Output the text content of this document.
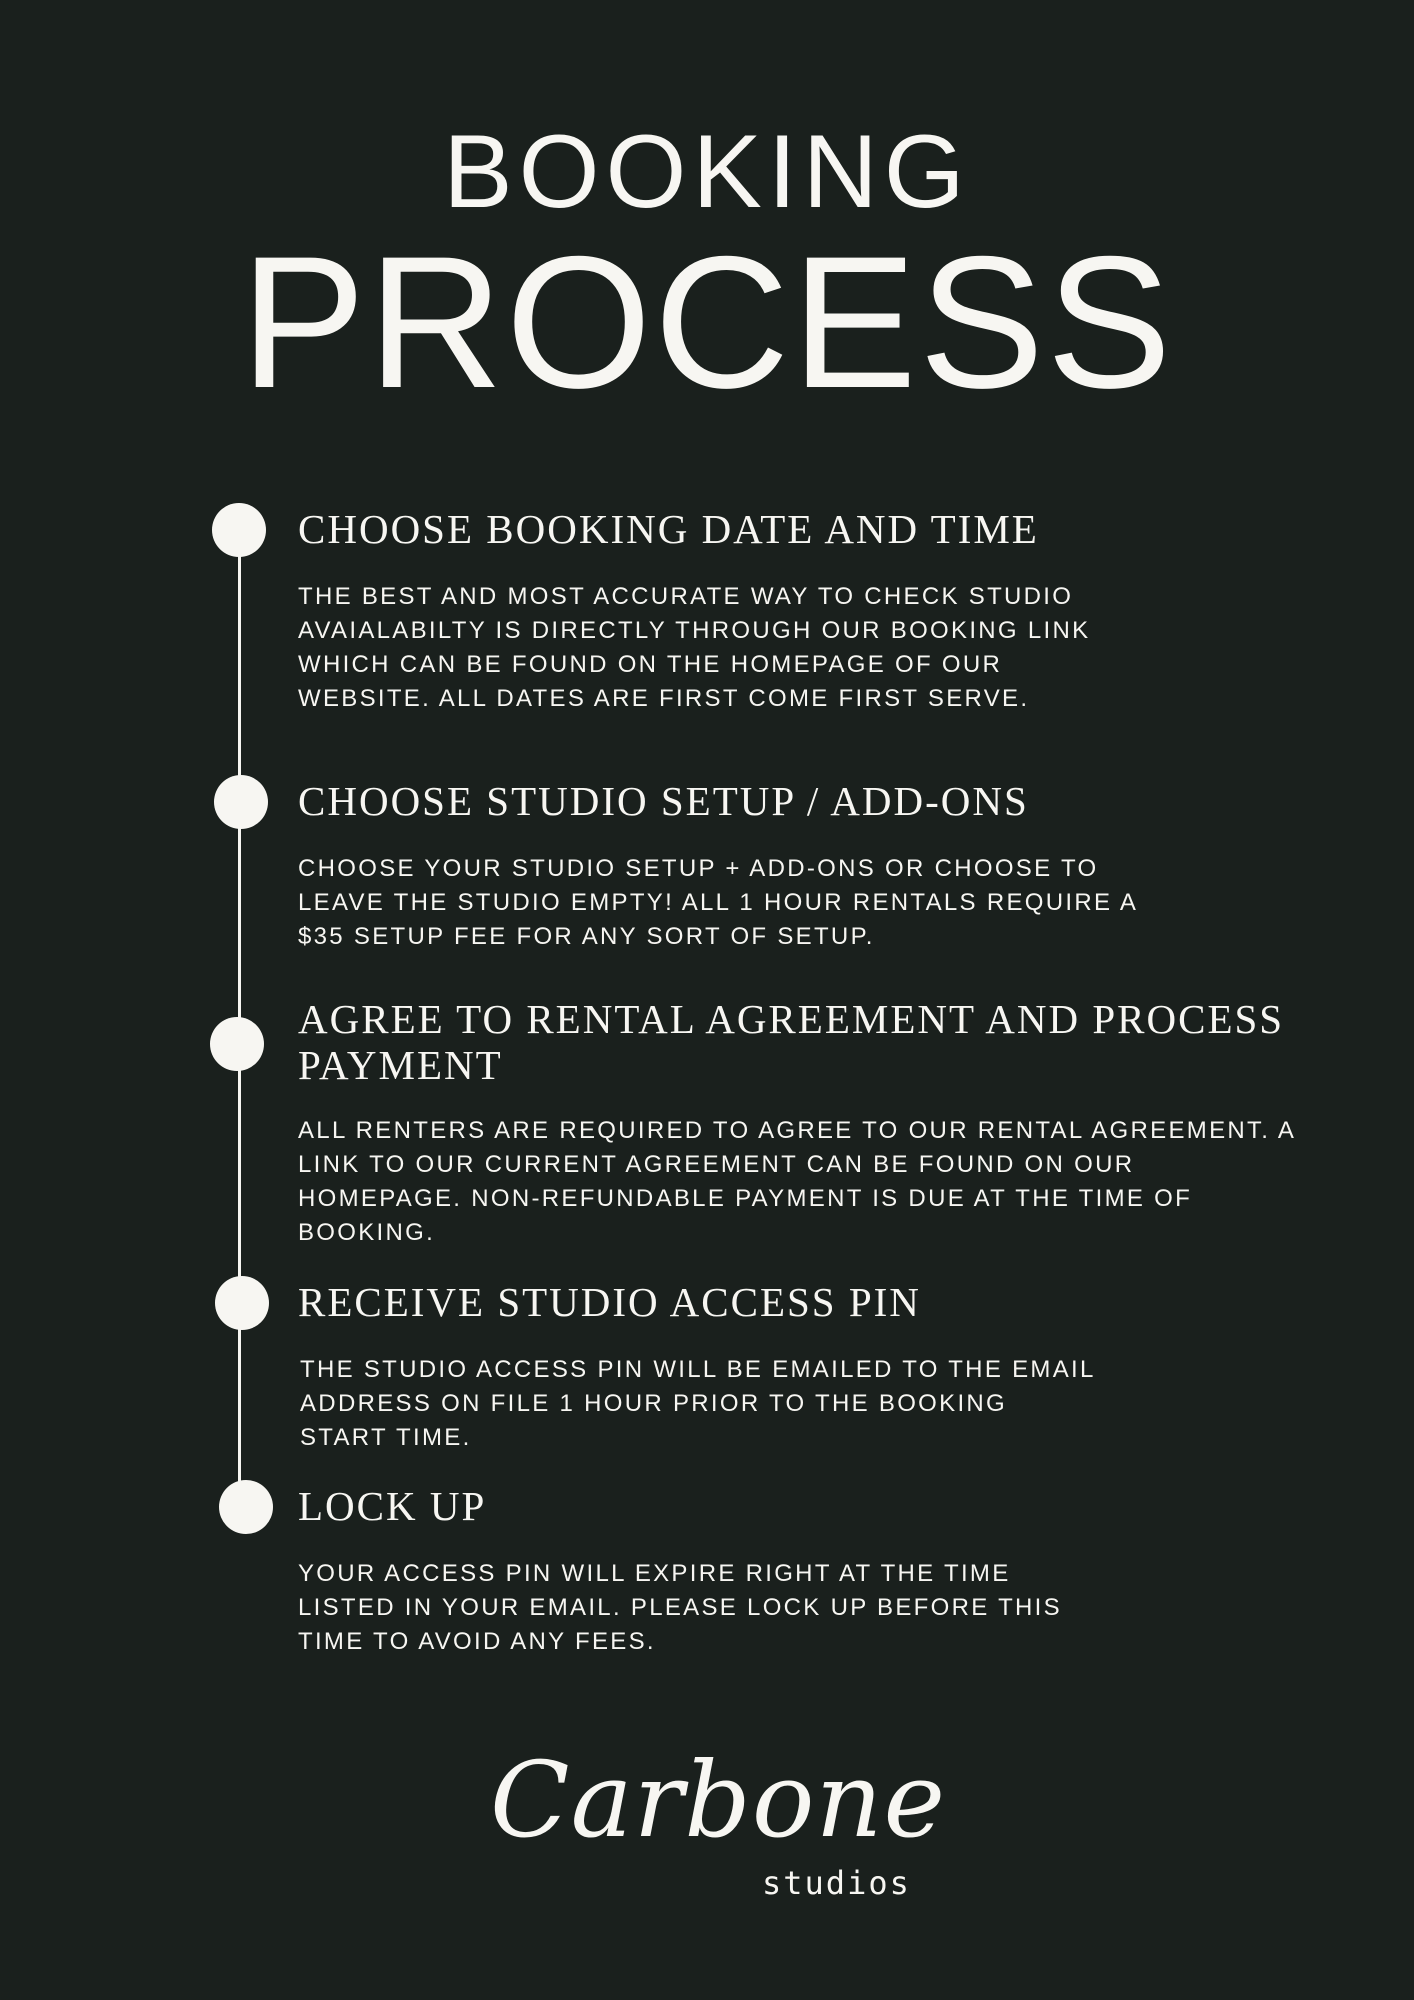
BOOKING
PROCESS
CHOOSE BOOKING DATE AND TIME
THE BEST AND MOST ACCURATE WAY TO CHECK STUDIO AVAIALABILTY IS DIRECTLY THROUGH OUR BOOKING LINK WHICH CAN BE FOUND ON THE HOMEPAGE OF OUR WEBSITE. ALL DATES ARE FIRST COME FIRST SERVE.
CHOOSE STUDIO SETUP / ADD-ONS
CHOOSE YOUR STUDIO SETUP + ADD-ONS OR CHOOSE TO LEAVE THE STUDIO EMPTY! ALL 1 HOUR RENTALS REQUIRE A $35 SETUP FEE FOR ANY SORT OF SETUP.
AGREE TO RENTAL AGREEMENT AND PROCESS PAYMENT
ALL RENTERS ARE REQUIRED TO AGREE TO OUR RENTAL AGREEMENT. A LINK TO OUR CURRENT AGREEMENT CAN BE FOUND ON OUR HOMEPAGE. NON-REFUNDABLE PAYMENT IS DUE AT THE TIME OF BOOKING.
RECEIVE STUDIO ACCESS PIN
THE STUDIO ACCESS PIN WILL BE EMAILED TO THE EMAIL ADDRESS ON FILE 1 HOUR PRIOR TO THE BOOKING START TIME.
LOCK UP
YOUR ACCESS PIN WILL EXPIRE RIGHT AT THE TIME LISTED IN YOUR EMAIL. PLEASE LOCK UP BEFORE THIS TIME TO AVOID ANY FEES.
Carbone
studios
